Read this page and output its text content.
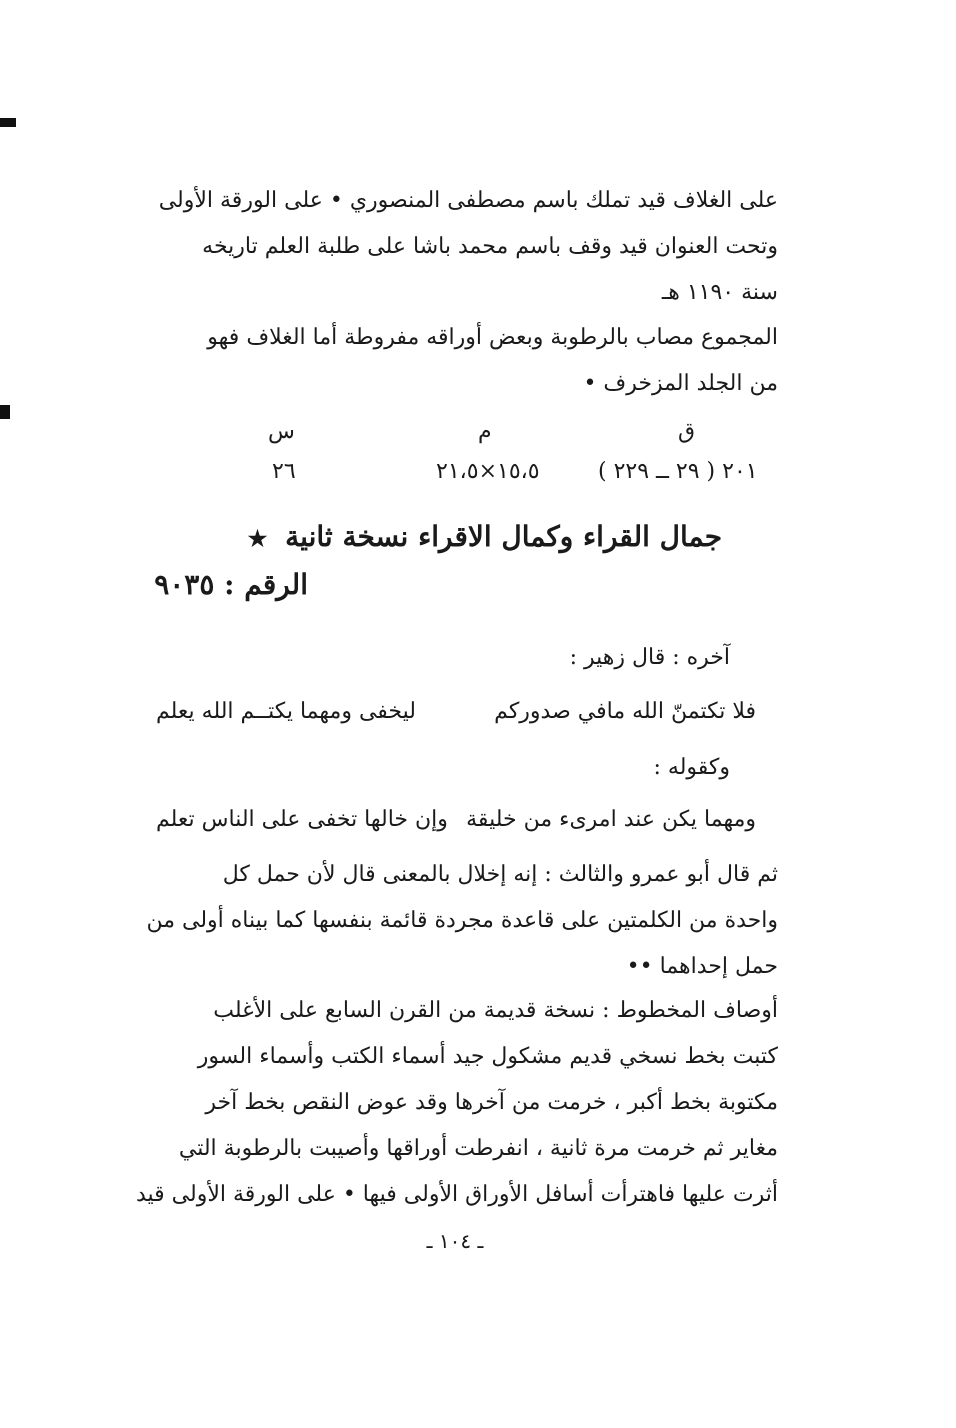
على الغلاف قيد تملك باسم مصطفى المنصوري • على الورقة الأولى
وتحت العنوان قيد وقف باسم محمد باشا على طلبة العلم تاريخه
سنة ١١٩٠ هـ
المجموع مصاب بالرطوبة وبعض أوراقه مفروطة أما الغلاف فهو
من الجلد المزخرف •
ق
م
س
٢٠١ ( ٢٩ ــ ٢٢٩ )
١٥،٥×٢١،٥
٢٦
جمال القراء وكمال الاقراء نسخة ثانية ★
الرقم : ٩٠٣٥
آخره : قال زهير :
فلا تكتمنّ الله مافي صدوركم
ليخفى ومهما يكتــم الله يعلم
وكقوله :
ومهما يكن عند امرىء من خليقة
وإن خالها تخفى على الناس تعلم
ثم قال أبو عمرو والثالث : إنه إخلال بالمعنى قال لأن حمل كل
واحدة من الكلمتين على قاعدة مجردة قائمة بنفسها كما بيناه أولى من
حمل إحداهما ••
أوصاف المخطوط : نسخة قديمة من القرن السابع على الأغلب
كتبت بخط نسخي قديم مشكول جيد أسماء الكتب وأسماء السور
مكتوبة بخط أكبر ، خرمت من آخرها وقد عوض النقص بخط آخر
مغاير ثم خرمت مرة ثانية ، انفرطت أوراقها وأصيبت بالرطوبة التي
أثرت عليها فاهترأت أسافل الأوراق الأولى فيها • على الورقة الأولى قيد
ـ ١٠٤ ـ
